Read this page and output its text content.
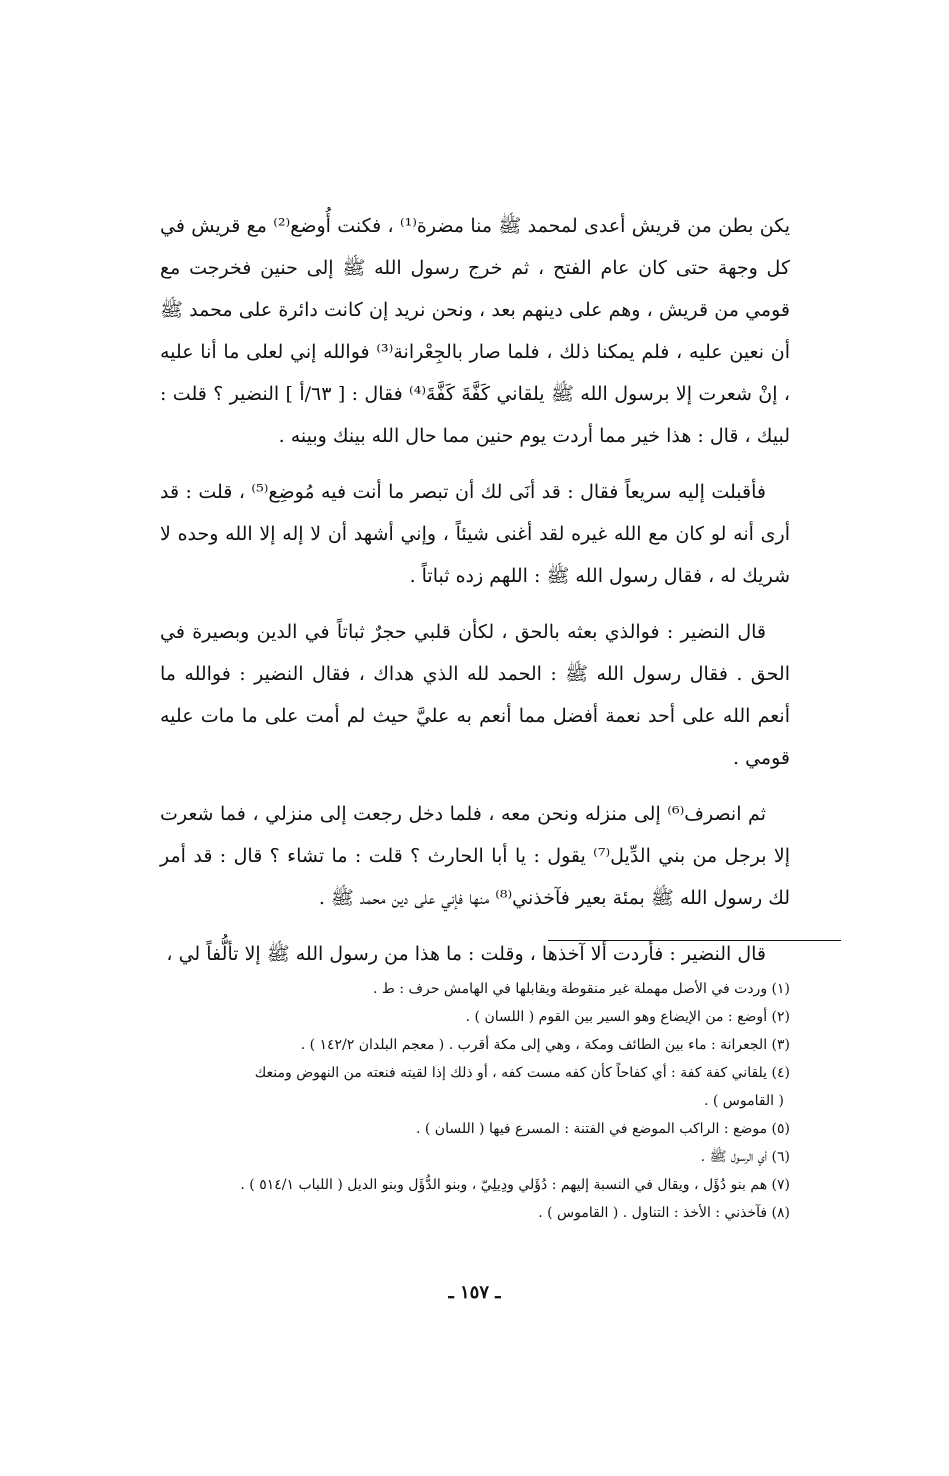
يكن بطن من قريش أعدى لمحمد ﷺ منا مضرة⁽¹⁾ ، فكنت أُوضع⁽²⁾ مع قريش في كل وجهة حتى كان عام الفتح ، ثم خرج رسول الله ﷺ إلى حنين فخرجت مع قومي من قريش ، وهم على دينهم بعد ، ونحن نريد إن كانت دائرة على محمد ﷺ أن نعين عليه ، فلم يمكنا ذلك ، فلما صار بالجِعْرانة⁽³⁾ فوالله إني لعلى ما أنا عليه ، إنْ شعرت إلا برسول الله ﷺ يلقاني كَفَّةَ كَفَّةَ⁽⁴⁾ فقال : [ ٦٣/أ ] النضير ؟ قلت : لبيك ، قال : هذا خير مما أردت يوم حنين مما حال الله بينك وبينه .

فأقبلت إليه سريعاً فقال : قد أنَى لك أن تبصر ما أنت فيه مُوضِع⁽⁵⁾ ، قلت : قد أرى أنه لو كان مع الله غيره لقد أغنى شيئاً ، وإني أشهد أن لا إله إلا الله وحده لا شريك له ، فقال رسول الله ﷺ : اللهم زده ثباتاً .

قال النضير : فوالذي بعثه بالحق ، لكأن قلبي حجرٌ ثباتاً في الدين وبصيرة في الحق . فقال رسول الله ﷺ : الحمد لله الذي هداك ، فقال النضير : فوالله ما أنعم الله على أحد نعمة أفضل مما أنعم به عليَّ حيث لم أمت على ما مات عليه قومي .

ثم انصرف⁽⁶⁾ إلى منزله ونحن معه ، فلما دخل رجعت إلى منزلي ، فما شعرت إلا برجل من بني الدِّيل⁽⁷⁾ يقول : يا أبا الحارث ؟ قلت : ما تشاء ؟ قال : قد أمر لك رسول الله ﷺ بمئة بعير فآخذني⁽⁸⁾ منها فإني على دين محمد ﷺ .

قال النضير : فأردت ألا آخذها ، وقلت : ما هذا من رسول الله ﷺ إلا تألُّفاً لي ،

(١) وردت في الأصل مهملة غير منقوطة ويقابلها في الهامش حرف : ط .

(٢) أوضع : من الإيضاع وهو السير بين القوم ( اللسان ) .

(٣) الجعرانة : ماء بين الطائف ومكة ، وهي إلى مكة أقرب . ( معجم البلدان ١٤٢/٢ ) .

(٤) يلقاني كفة كفة : أي كفاحاً كأن كفه مست كفه ، أو ذلك إذا لقيته فنعته من النهوض ومنعك

( القاموس ) .

(٥) موضع : الراكب الموضع في الفتنة : المسرع فيها ( اللسان ) .

(٦) أي الرسول ﷺ .

(٧) هم بنو دُؤَل ، ويقال في النسبة إليهم : دُؤَلي ودِيلِيّ ، وبنو الدُّؤَل وبنو الديل ( اللباب ٥١٤/١ ) .

(٨) فآخذني : الأخذ : التناول . ( القاموس ) .

ـ ١٥٧ ـ
